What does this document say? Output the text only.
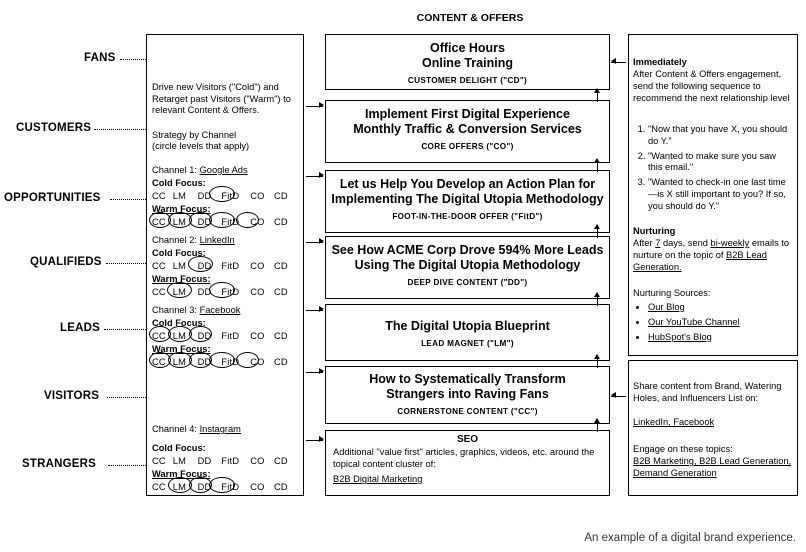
CONTENT & OFFERS
FANS
CUSTOMERS
OPPORTUNITIES
QUALIFIEDS
LEADS
VISITORS
STRANGERS
Drive new Visitors ("Cold") and Retarget past Visitors ("Warm") to relevant Content & Offers.
Strategy by Channel
(circle levels that apply)
Channel 1: Google Ads
Cold Focus:
CC LM DD FitD CO CD
Warm Focus:
CC LM DD FitD CO CD
Channel 2: LinkedIn
Cold Focus:
CC LM DD FitD CO CD
Warm Focus:
CC LM DD FitD CO CD
Channel 3: Facebook
Cold Focus:
CC LM DD FitD CO CD
Warm Focus:
CC LM DD FitD CO CD
Channel 4: Instagram
Cold Focus:
CC LM DD FitD CO CD
Warm Focus:
CC LM DD FitD CO CD
Office Hours
Online Training
CUSTOMER DELIGHT ("CD")
Implement First Digital Experience
Monthly Traffic & Conversion Services
CORE OFFERS ("CO")
Let us Help You Develop an Action Plan for
Implementing The Digital Utopia Methodology
FOOT-IN-THE-DOOR OFFER ("FitD")
See How ACME Corp Drove 594% More Leads
Using The Digital Utopia Methodology
DEEP DIVE CONTENT ("DD")
The Digital Utopia Blueprint
LEAD MAGNET ("LM")
How to Systematically Transform
Strangers into Raving Fans
CORNERSTONE CONTENT ("CC")
SEO
Additional "value first" articles, graphics, videos, etc. around the topical content cluster of:
B2B Digital Marketing
Immediately
After Content & Offers engagement, send the following sequence to recommend the next relationship level
1. "Now that you have X, you should do Y."
2. "Wanted to make sure you saw this email."
3. "Wanted to check-in one last time—is X still important to you? If so, you should do Y."
Nurturing
After 7 days, send bi-weekly emails to nurture on the topic of B2B Lead Generation.
Nurturing Sources:
• Our Blog
• Our YouTube Channel
• HubSpot's Blog
Share content from Brand, Watering Holes, and Influencers List on:
LinkedIn, Facebook
Engage on these topics:
B2B Marketing, B2B Lead Generation, Demand Generation
An example of a digital brand experience.
